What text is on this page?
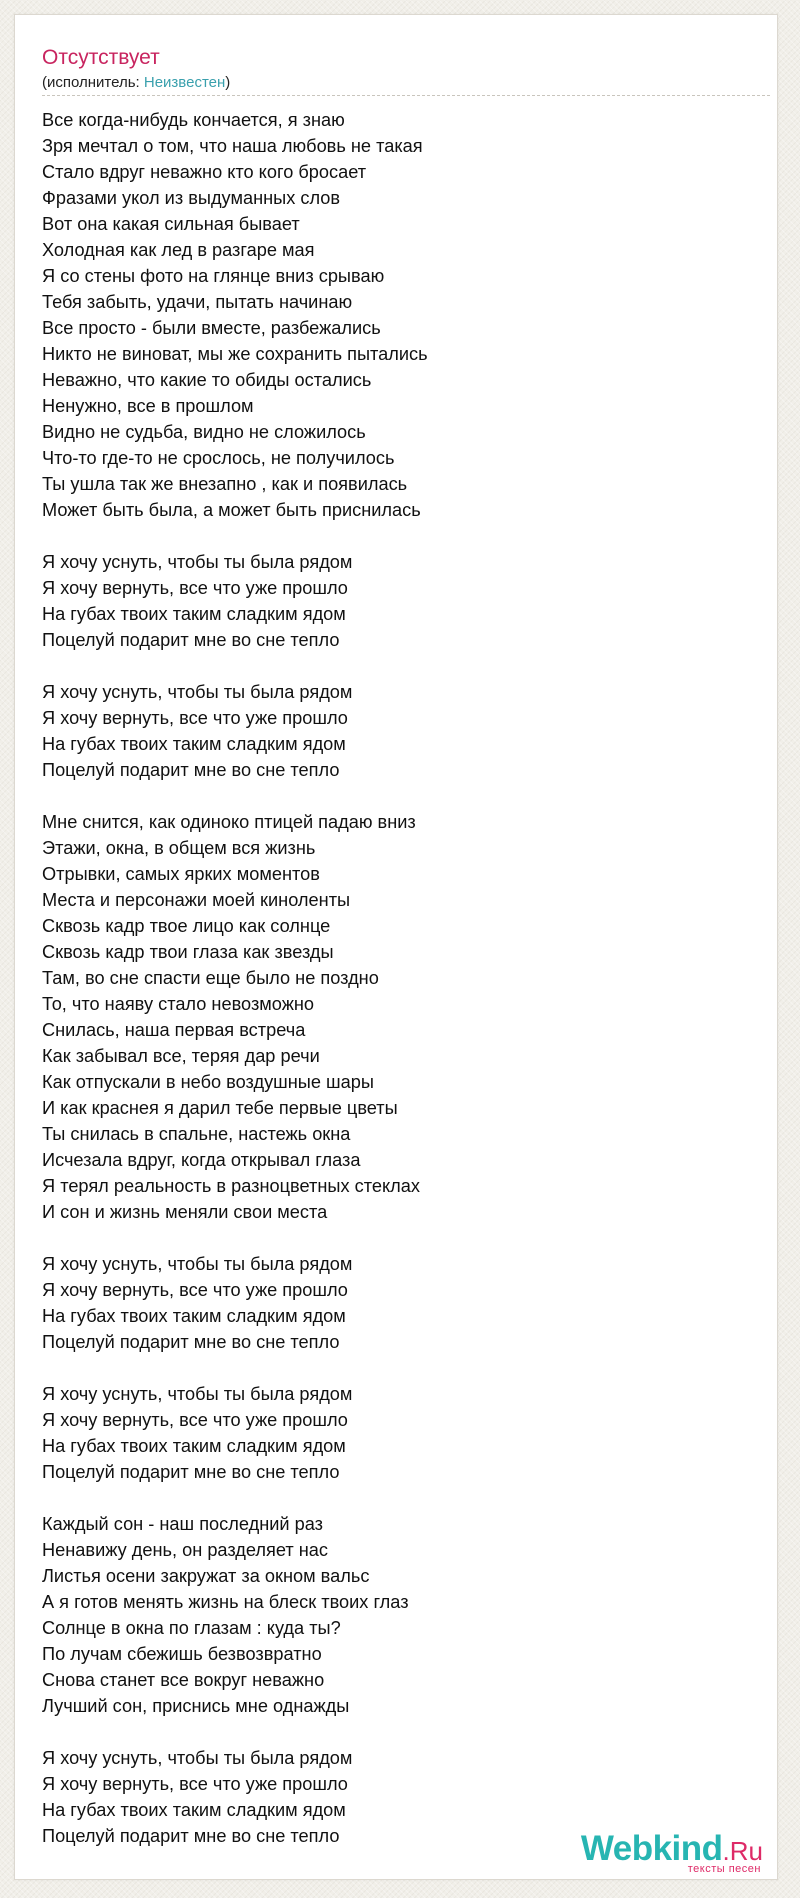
Отсутствует
(исполнитель: Неизвестен)
Все когда-нибудь кончается, я знаю
Зря мечтал о том, что наша любовь не такая
Стало вдруг неважно кто кого бросает
Фразами укол из выдуманных слов
Вот она какая сильная бывает
Холодная как лед в разгаре мая
Я со стены фото на глянце вниз срываю
Тебя забыть, удачи, пытать начинаю
Все просто - были вместе, разбежались
Никто не виноват, мы же сохранить пытались
Неважно, что какие то обиды остались
Ненужно, все в прошлом
Видно не судьба, видно не сложилось
Что-то где-то не срослось, не получилось
Ты ушла так же внезапно , как и появилась
Может быть была, а может быть приснилась
Я хочу уснуть, чтобы ты была рядом
Я хочу вернуть, все что уже прошло
На губах твоих таким сладким ядом
Поцелуй подарит мне во сне тепло
Я хочу уснуть, чтобы ты была рядом
Я хочу вернуть, все что уже прошло
На губах твоих таким сладким ядом
Поцелуй подарит мне во сне тепло
Мне снится, как одиноко птицей падаю вниз
Этажи, окна, в общем вся жизнь
Отрывки, самых ярких моментов
Места и персонажи моей киноленты
Сквозь кадр твое лицо как солнце
Сквозь кадр твои глаза как звезды
Там, во сне спасти еще было не поздно
То, что наяву стало невозможно
Снилась, наша первая встреча
Как забывал все, теряя дар речи
Как отпускали в небо воздушные шары
И как краснея я дарил тебе первые цветы
Ты снилась в спальне, настежь окна
Исчезала вдруг, когда открывал глаза
Я терял реальность в разноцветных стеклах
И сон и жизнь меняли свои места
Я хочу уснуть, чтобы ты была рядом
Я хочу вернуть, все что уже прошло
На губах твоих таким сладким ядом
Поцелуй подарит мне во сне тепло
Я хочу уснуть, чтобы ты была рядом
Я хочу вернуть, все что уже прошло
На губах твоих таким сладким ядом
Поцелуй подарит мне во сне тепло
Каждый сон - наш последний раз
Ненавижу день, он разделяет нас
Листья осени закружат за окном вальс
А я готов менять жизнь на блеск твоих глаз
Солнце в окна по глазам : куда ты?
По лучам сбежишь безвозвратно
Снова станет все вокруг неважно
Лучший сон, приснись мне однажды
Я хочу уснуть, чтобы ты была рядом
Я хочу вернуть, все что уже прошло
На губах твоих таким сладким ядом
Поцелуй подарит мне во сне тепло	Webkind.Ru
тексты песен
